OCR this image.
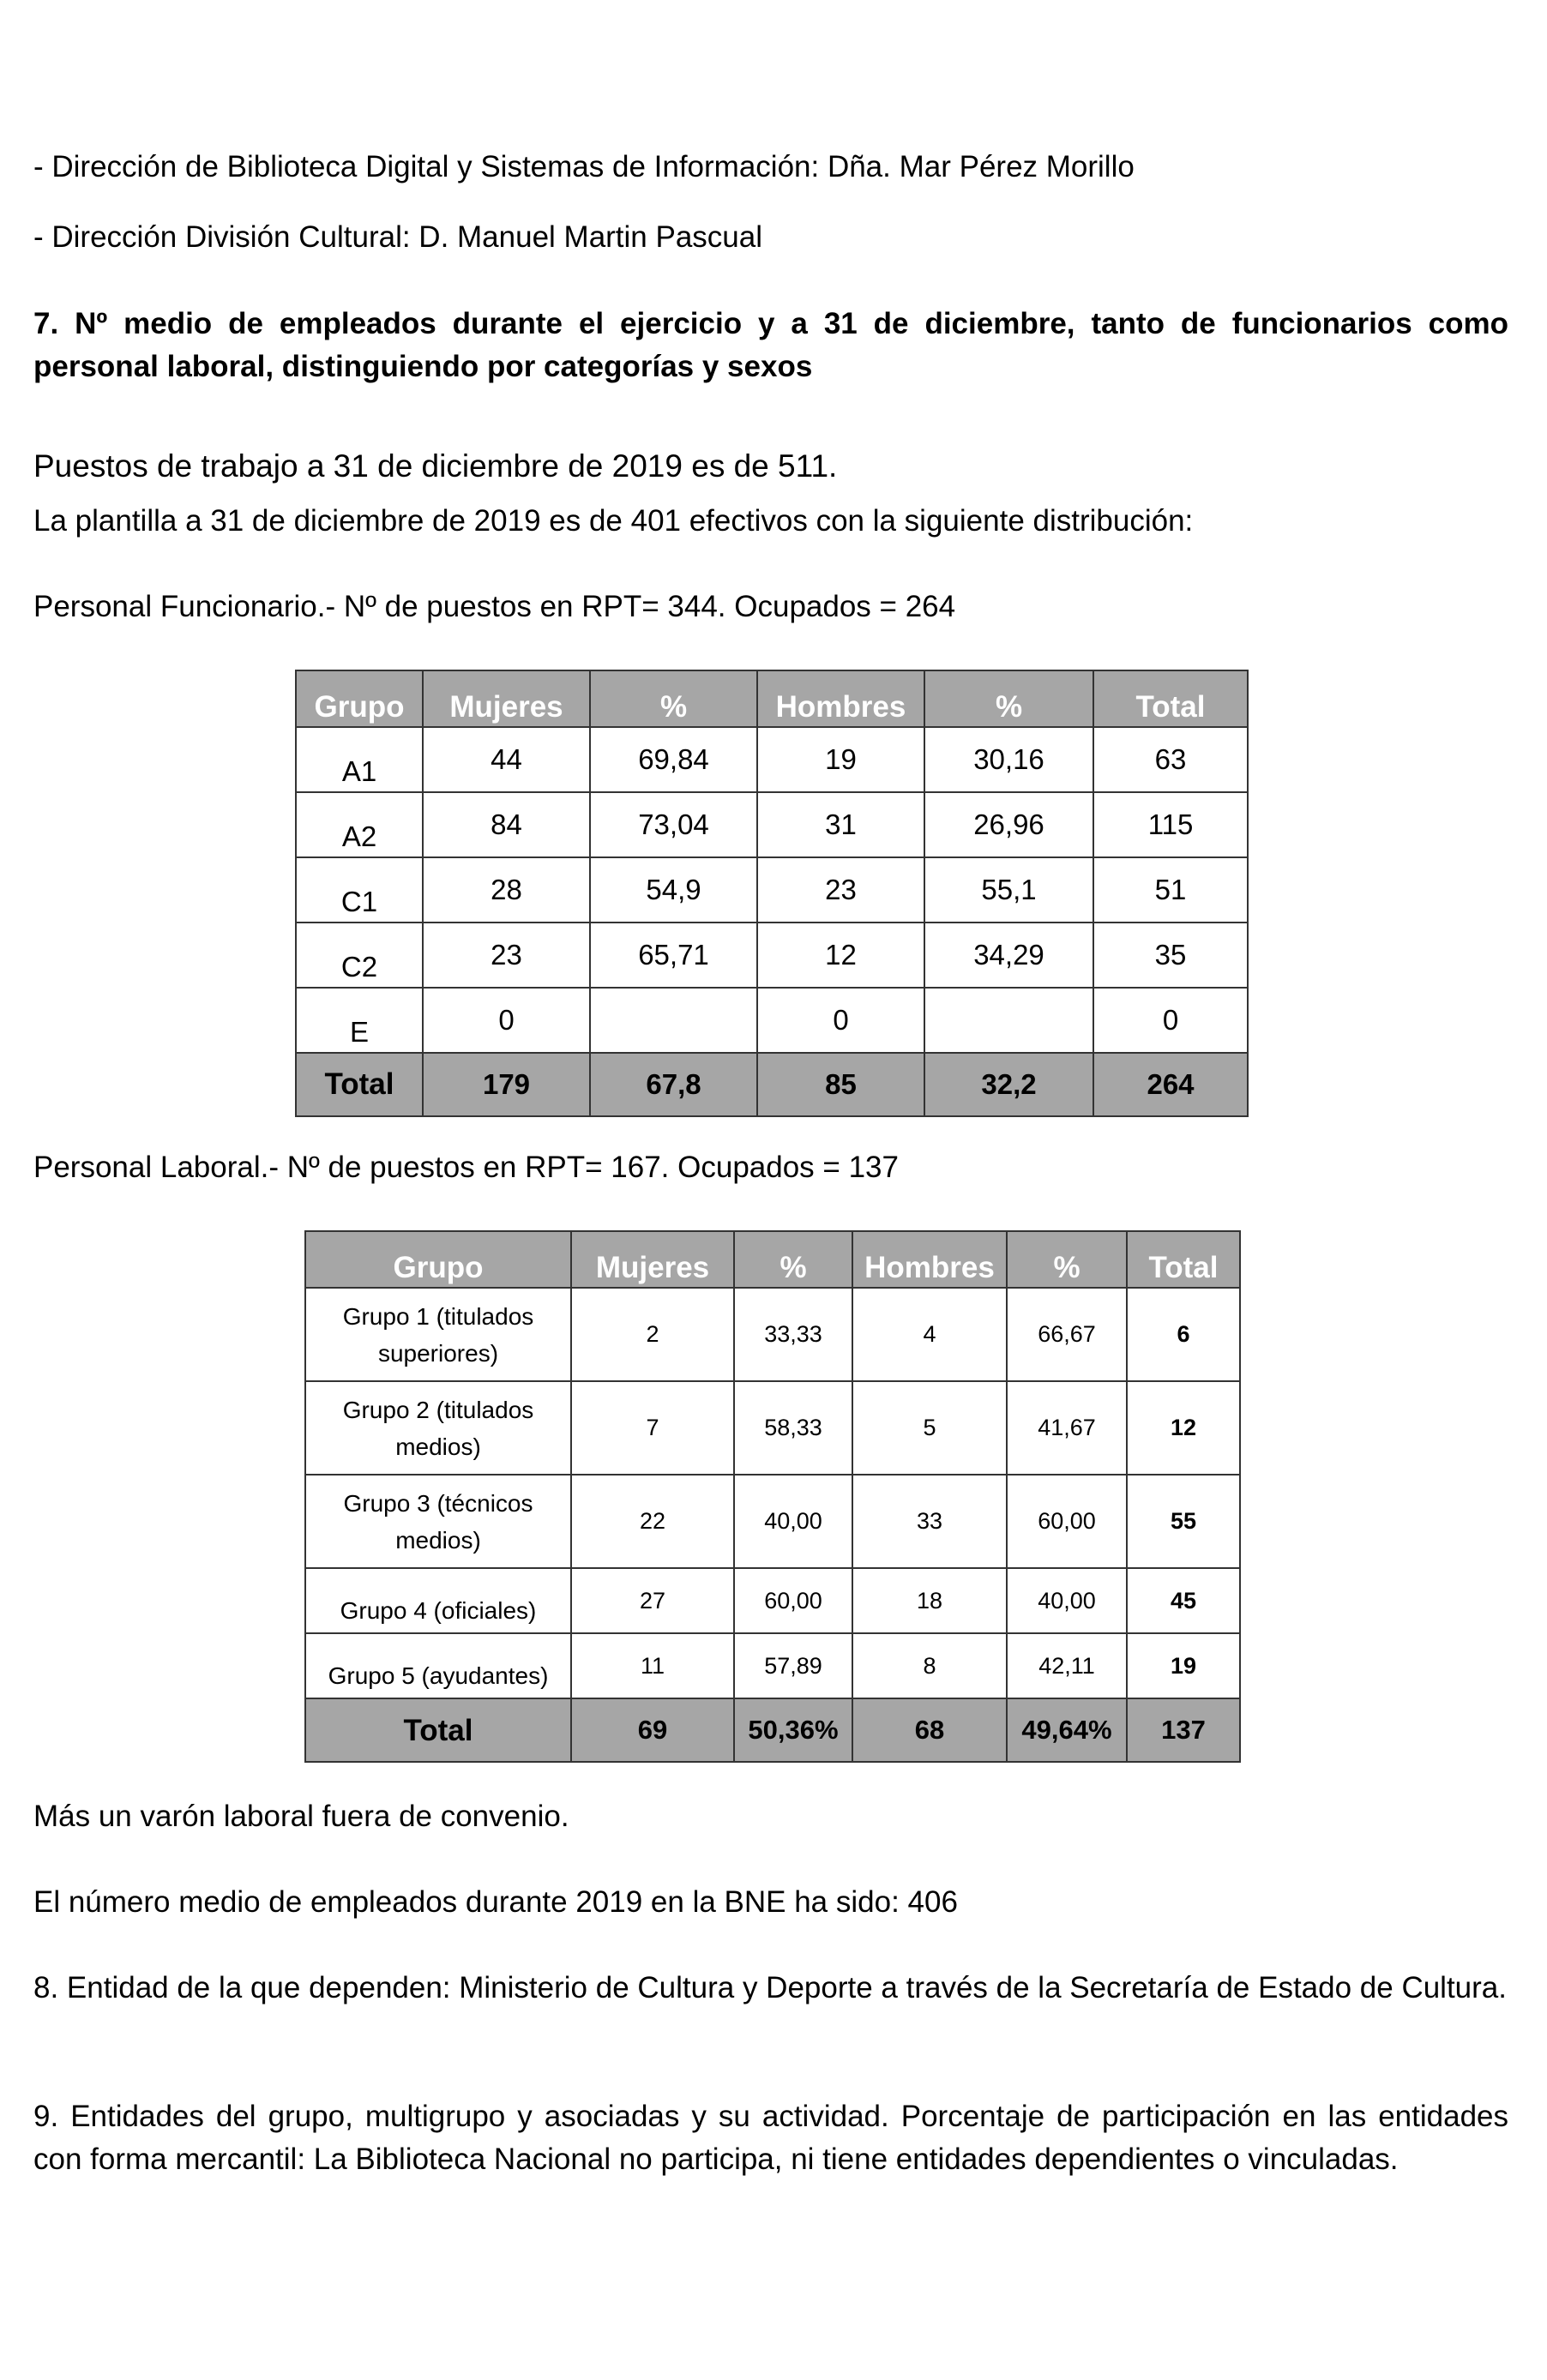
- Dirección de Biblioteca Digital y Sistemas de Información: Dña. Mar Pérez Morillo
- Dirección División Cultural: D. Manuel Martin Pascual
7. Nº medio de empleados durante el ejercicio y a 31 de diciembre, tanto de funcionarios como personal laboral, distinguiendo por categorías y sexos
Puestos de trabajo a 31 de diciembre de 2019 es de 511.
La plantilla a 31 de diciembre de 2019 es de 401 efectivos con la siguiente distribución:
Personal Funcionario.- Nº de puestos en RPT= 344. Ocupados = 264
Grupo	Mujeres	%	Hombres	%	Total
A1	44	69,84	19	30,16	63
A2	84	73,04	31	26,96	115
C1	28	54,9	23	55,1	51
C2	23	65,71	12	34,29	35
E	0		0		0
Total	179	67,8	85	32,2	264
Personal Laboral.- Nº de puestos en RPT= 167. Ocupados = 137
Grupo	Mujeres	%	Hombres	%	Total
Grupo 1 (titulados superiores)	2	33,33	4	66,67	6
Grupo 2 (titulados medios)	7	58,33	5	41,67	12
Grupo 3 (técnicos medios)	22	40,00	33	60,00	55
Grupo 4 (oficiales)	27	60,00	18	40,00	45
Grupo 5 (ayudantes)	11	57,89	8	42,11	19
Total	69	50,36%	68	49,64%	137
Más un varón laboral fuera de convenio.
El número medio de empleados durante 2019 en la BNE ha sido: 406
8. Entidad de la que dependen: Ministerio de Cultura y Deporte a través de la Secretaría de Estado de Cultura.
9. Entidades del grupo, multigrupo y asociadas y su actividad. Porcentaje de participación en las entidades con forma mercantil: La Biblioteca Nacional no participa, ni tiene entidades dependientes o vinculadas.
